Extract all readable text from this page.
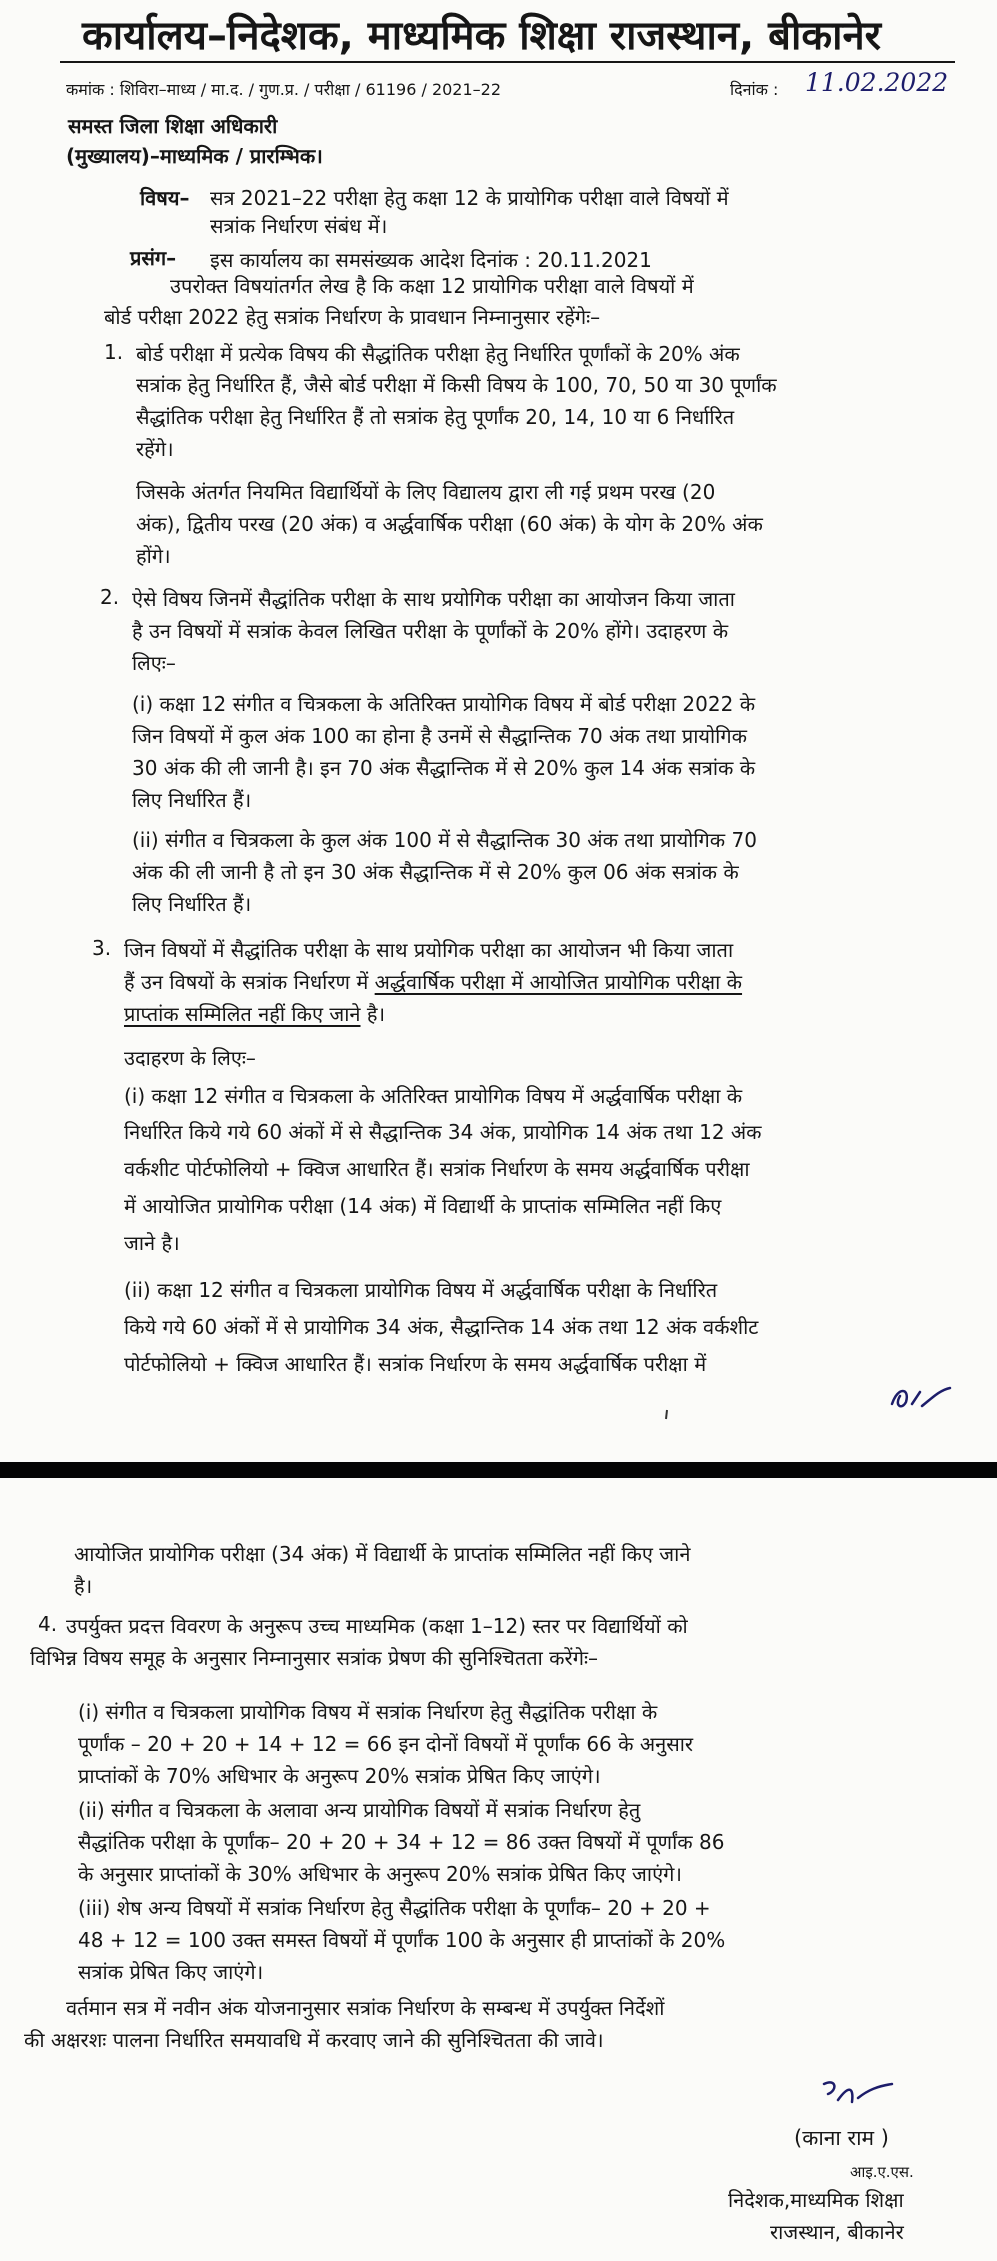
कार्यालय–निदेशक, माध्यमिक शिक्षा राजस्थान, बीकानेर
कमांक : शिविरा–माध्य / मा.द. / गुण.प्र. / परीक्षा / 61196 / 2021–22	दिनांक : 11.02.2022
समस्त जिला शिक्षा अधिकारी
(मुख्यालय)–माध्यमिक / प्रारम्भिक।
विषय– सत्र 2021–22 परीक्षा हेतु कक्षा 12 के प्रायोगिक परीक्षा वाले विषयों में
सत्रांक निर्धारण संबंध में।
प्रसंग– इस कार्यालय का समसंख्यक आदेश दिनांक : 20.11.2021
उपरोक्त विषयांतर्गत लेख है कि कक्षा 12 प्रायोगिक परीक्षा वाले विषयों में
बोर्ड परीक्षा 2022 हेतु सत्रांक निर्धारण के प्रावधान निम्नानुसार रहेंगेः–
1. बोर्ड परीक्षा में प्रत्येक विषय की सैद्धांतिक परीक्षा हेतु निर्धारित पूर्णांकों के 20% अंक
सत्रांक हेतु निर्धारित हैं, जैसे बोर्ड परीक्षा में किसी विषय के 100, 70, 50 या 30 पूर्णांक
सैद्धांतिक परीक्षा हेतु निर्धारित हैं तो सत्रांक हेतु पूर्णांक 20, 14, 10 या 6 निर्धारित
रहेंगे।
जिसके अंतर्गत नियमित विद्यार्थियों के लिए विद्यालय द्वारा ली गई प्रथम परख (20
अंक), द्वितीय परख (20 अंक) व अर्द्धवार्षिक परीक्षा (60 अंक) के योग के 20% अंक
होंगे।
2. ऐसे विषय जिनमें सैद्धांतिक परीक्षा के साथ प्रयोगिक परीक्षा का आयोजन किया जाता
है उन विषयों में सत्रांक केवल लिखित परीक्षा के पूर्णांकों के 20% होंगे। उदाहरण के
लिएः–
(i) कक्षा 12 संगीत व चित्रकला के अतिरिक्त प्रायोगिक विषय में बोर्ड परीक्षा 2022 के
जिन विषयों में कुल अंक 100 का होना है उनमें से सैद्धान्तिक 70 अंक तथा प्रायोगिक
30 अंक की ली जानी है। इन 70 अंक सैद्धान्तिक में से 20% कुल 14 अंक सत्रांक के
लिए निर्धारित हैं।
(ii) संगीत व चित्रकला के कुल अंक 100 में से सैद्धान्तिक 30 अंक तथा प्रायोगिक 70
अंक की ली जानी है तो इन 30 अंक सैद्धान्तिक में से 20% कुल 06 अंक सत्रांक के
लिए निर्धारित हैं।
3. जिन विषयों में सैद्धांतिक परीक्षा के साथ प्रयोगिक परीक्षा का आयोजन भी किया जाता
हैं उन विषयों के सत्रांक निर्धारण में अर्द्धवार्षिक परीक्षा में आयोजित प्रायोगिक परीक्षा के
प्राप्तांक सम्मिलित नहीं किए जाने है।
उदाहरण के लिएः–
(i) कक्षा 12 संगीत व चित्रकला के अतिरिक्त प्रायोगिक विषय में अर्द्धवार्षिक परीक्षा के
निर्धारित किये गये 60 अंकों में से सैद्धान्तिक 34 अंक, प्रायोगिक 14 अंक तथा 12 अंक
वर्कशीट पोर्टफोलियो + क्विज आधारित हैं। सत्रांक निर्धारण के समय अर्द्धवार्षिक परीक्षा
में आयोजित प्रायोगिक परीक्षा (14 अंक) में विद्यार्थी के प्राप्तांक सम्मिलित नहीं किए
जाने है।
(ii) कक्षा 12 संगीत व चित्रकला प्रायोगिक विषय में अर्द्धवार्षिक परीक्षा के निर्धारित
किये गये 60 अंकों में से प्रायोगिक 34 अंक, सैद्धान्तिक 14 अंक तथा 12 अंक वर्कशीट
पोर्टफोलियो + क्विज आधारित हैं। सत्रांक निर्धारण के समय अर्द्धवार्षिक परीक्षा में
आयोजित प्रायोगिक परीक्षा (34 अंक) में विद्यार्थी के प्राप्तांक सम्मिलित नहीं किए जाने
है।
4. उपर्युक्त प्रदत्त विवरण के अनुरूप उच्च माध्यमिक (कक्षा 1–12) स्तर पर विद्यार्थियों को
विभिन्न विषय समूह के अनुसार निम्नानुसार सत्रांक प्रेषण की सुनिश्चितता करेंगेः–
(i) संगीत व चित्रकला प्रायोगिक विषय में सत्रांक निर्धारण हेतु सैद्धांतिक परीक्षा के
पूर्णांक – 20 + 20 + 14 + 12 = 66 इन दोनों विषयों में पूर्णांक 66 के अनुसार
प्राप्तांकों के 70% अधिभार के अनुरूप 20% सत्रांक प्रेषित किए जाएंगे।
(ii) संगीत व चित्रकला के अलावा अन्य प्रायोगिक विषयों में सत्रांक निर्धारण हेतु
सैद्धांतिक परीक्षा के पूर्णांक– 20 + 20 + 34 + 12 = 86 उक्त विषयों में पूर्णांक 86
के अनुसार प्राप्तांकों के 30% अधिभार के अनुरूप 20% सत्रांक प्रेषित किए जाएंगे।
(iii) शेष अन्य विषयों में सत्रांक निर्धारण हेतु सैद्धांतिक परीक्षा के पूर्णांक– 20 + 20 +
48 + 12 = 100 उक्त समस्त विषयों में पूर्णांक 100 के अनुसार ही प्राप्तांकों के 20%
सत्रांक प्रेषित किए जाएंगे।
वर्तमान सत्र में नवीन अंक योजनानुसार सत्रांक निर्धारण के सम्बन्ध में उपर्युक्त निर्देशों
की अक्षरशः पालना निर्धारित समयावधि में करवाए जाने की सुनिश्चितता की जावे।
(काना राम )
आइ.ए.एस.
निदेशक,माध्यमिक शिक्षा
राजस्थान, बीकानेर
